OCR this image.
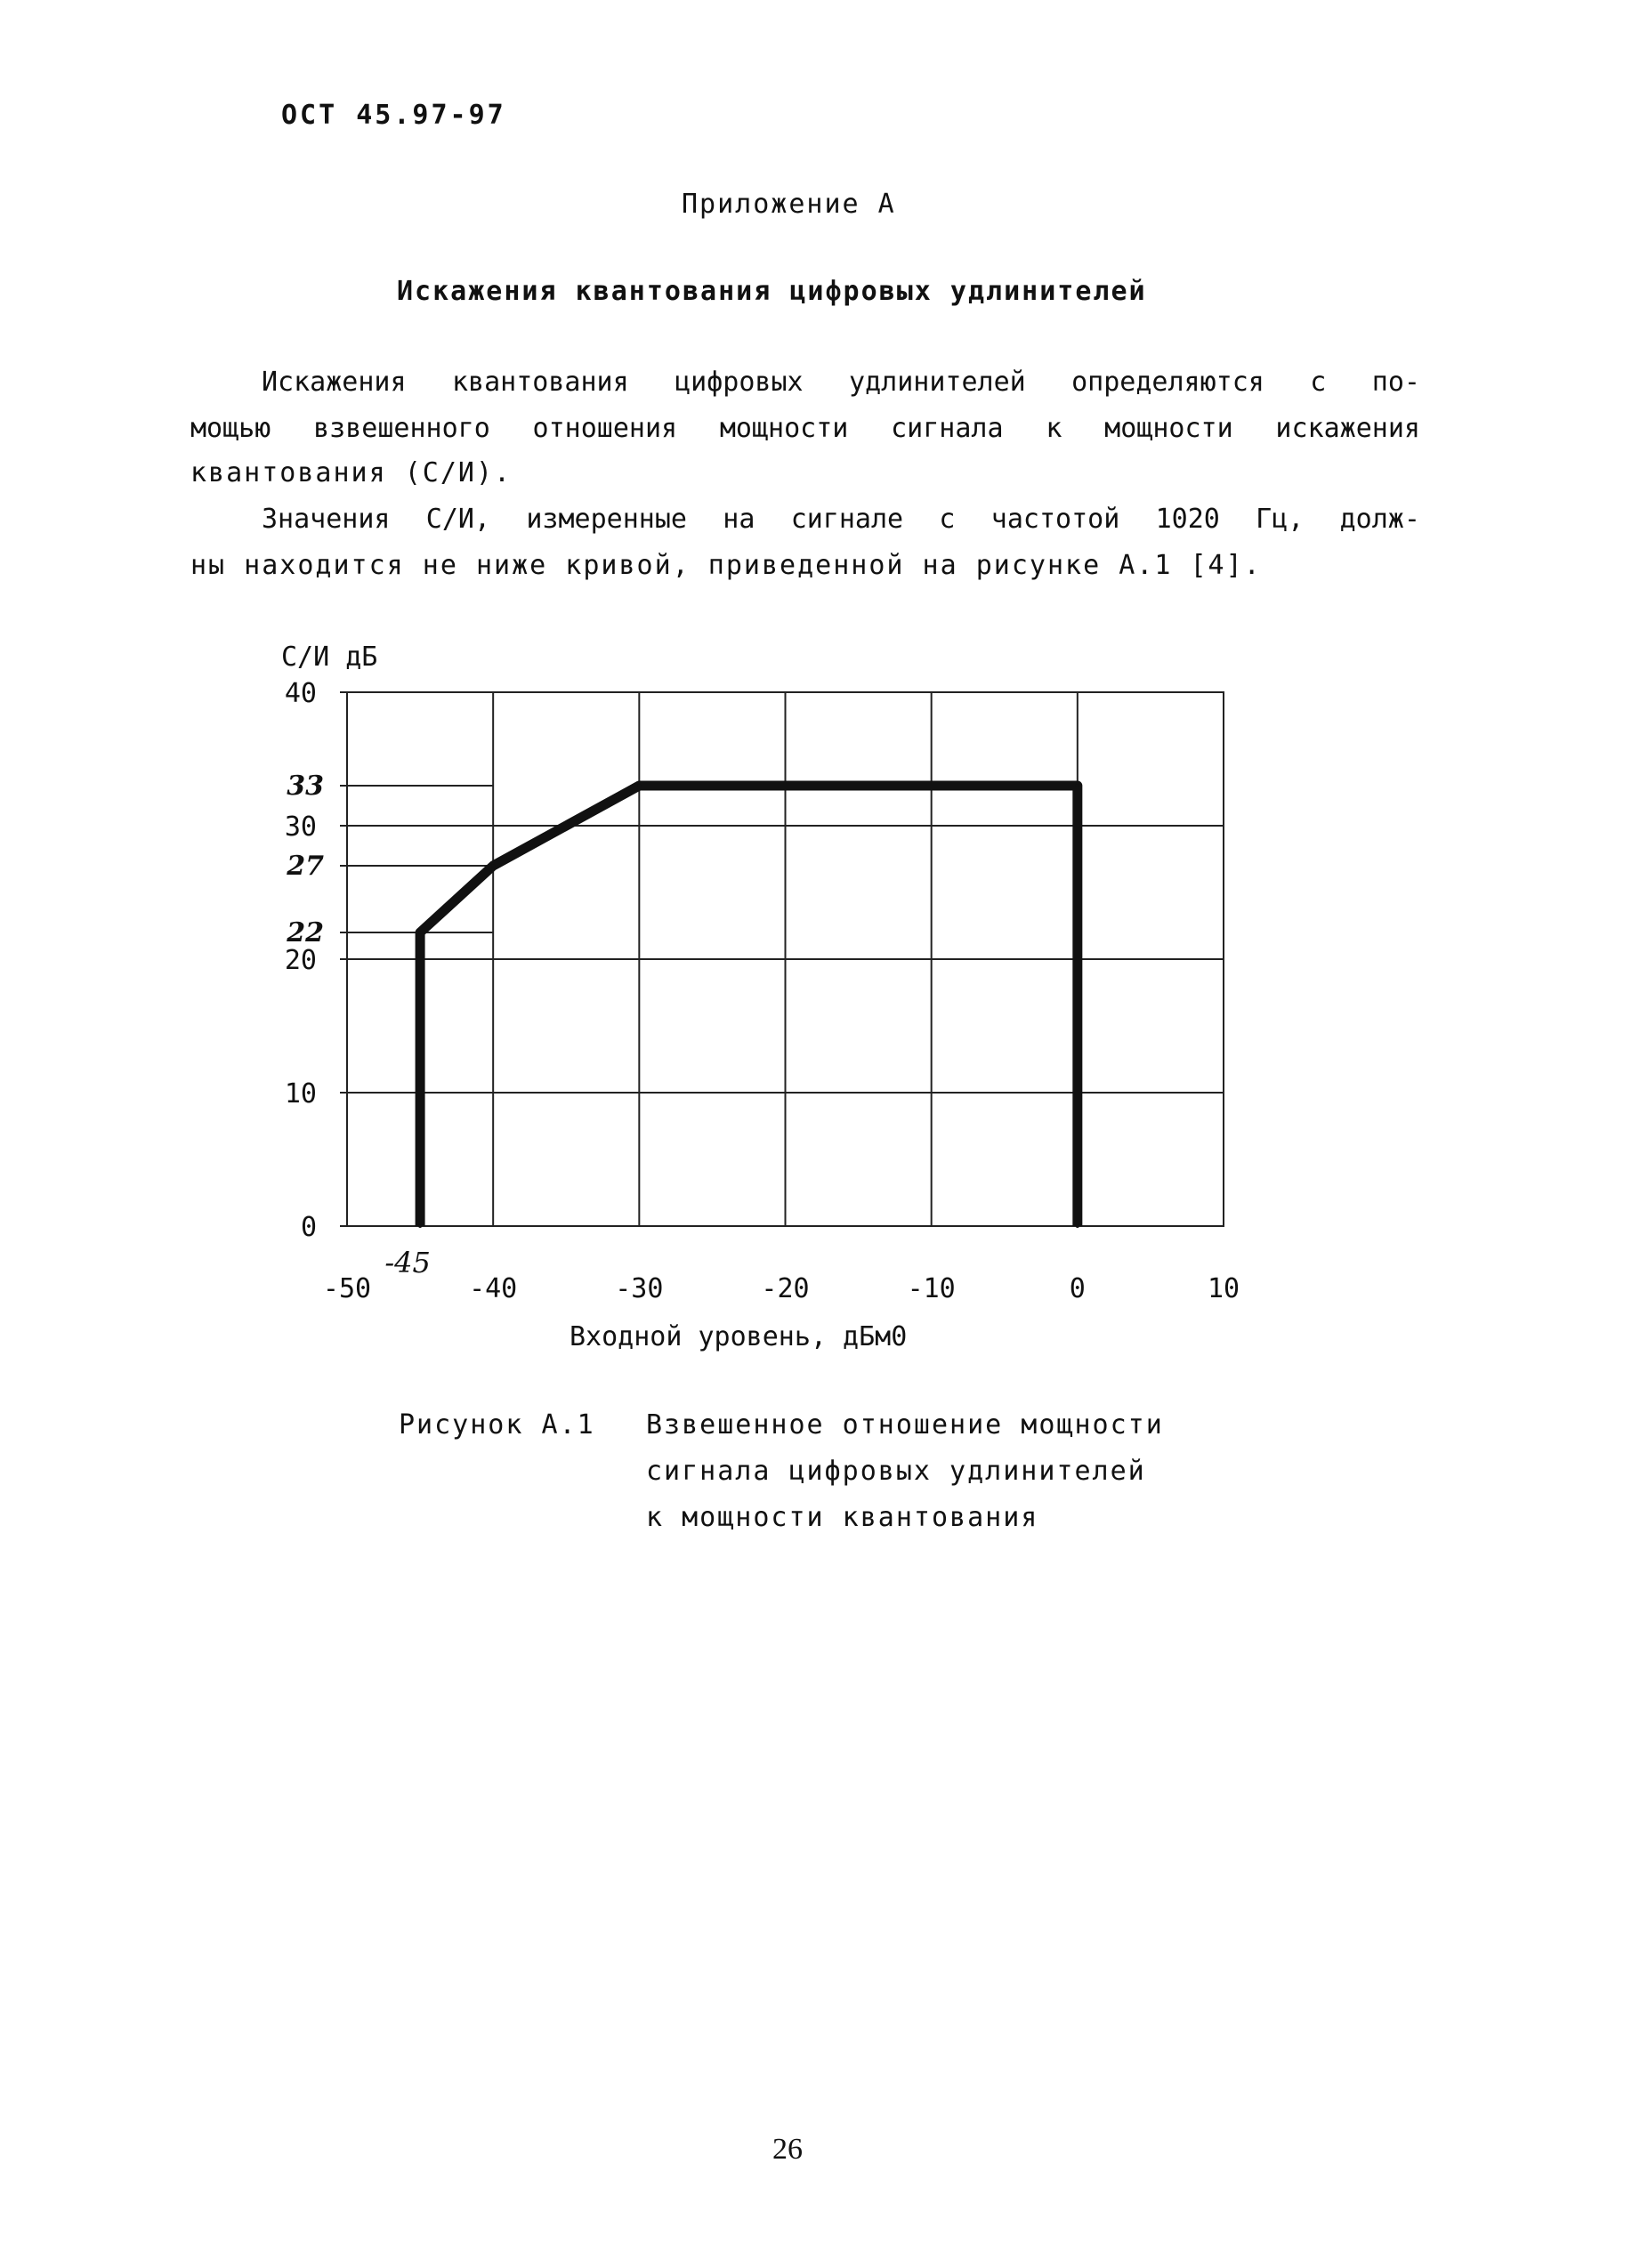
ОСТ 45.97-97
Приложение А
Искажения квантования цифровых удлинителей
Искажения квантования цифровых удлинителей определяются с по-
мощью взвешенного отношения мощности сигнала к мощности искажения
квантования (С/И).
Значения С/И, измеренные на сигнале с частотой 1020 Гц, долж-
ны находится не ниже кривой, приведенной на рисунке А.1 [4].
С/И дБ
Входной уровень, дБм0
0
10
20
30
40
33
27
22
-50	-40	-30	-20	-10	0	10
-45
Рисунок А.1 Взвешенное отношение мощности
сигнала цифровых удлинителей
к мощности квантования
26
